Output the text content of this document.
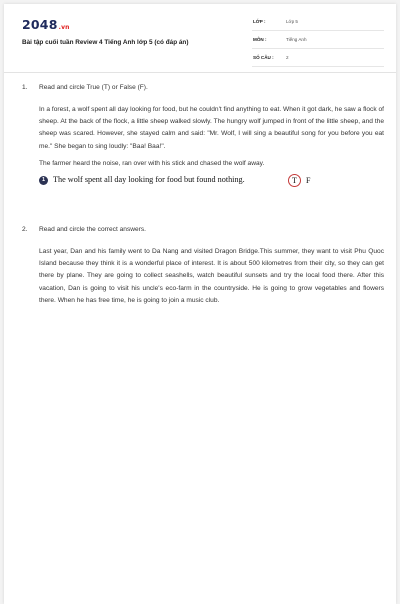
2048.vn
Bài tập cuối tuần Review 4 Tiếng Anh lớp 5 (có đáp án)
LỚP :	Lớp 5
MÔN :	Tiếng Anh
SỐ CÂU :	2
1. Read and circle True (T) or False (F).

In a forest, a wolf spent all day looking for food, but he couldn't find anything to eat. When it got dark, he saw a flock of sheep. At the back of the flock, a little sheep walked slowly. The hungry wolf jumped in front of the little sheep, and the sheep was scared. However, she stayed calm and said: "Mr. Wolf, I will sing a beautiful song for you before you eat me." She began to sing loudly: "Baa! Baa!".

The farmer heard the noise, ran over with his stick and chased the wolf away.

1 The wolf spent all day looking for food but found nothing.	T F
2. Read and circle the correct answers.

Last year, Dan and his family went to Da Nang and visited Dragon Bridge.This summer, they want to visit Phu Quoc Island because they think it is a wonderful place of interest. It is about 500 kilometres from their city, so they can get there by plane. They are going to collect seashells, watch beautiful sunsets and try the local food there. After this vacation, Dan is going to visit his uncle's eco-farm in the countryside. He is going to grow vegetables and flowers there. When he has free time, he is going to join a music club.
